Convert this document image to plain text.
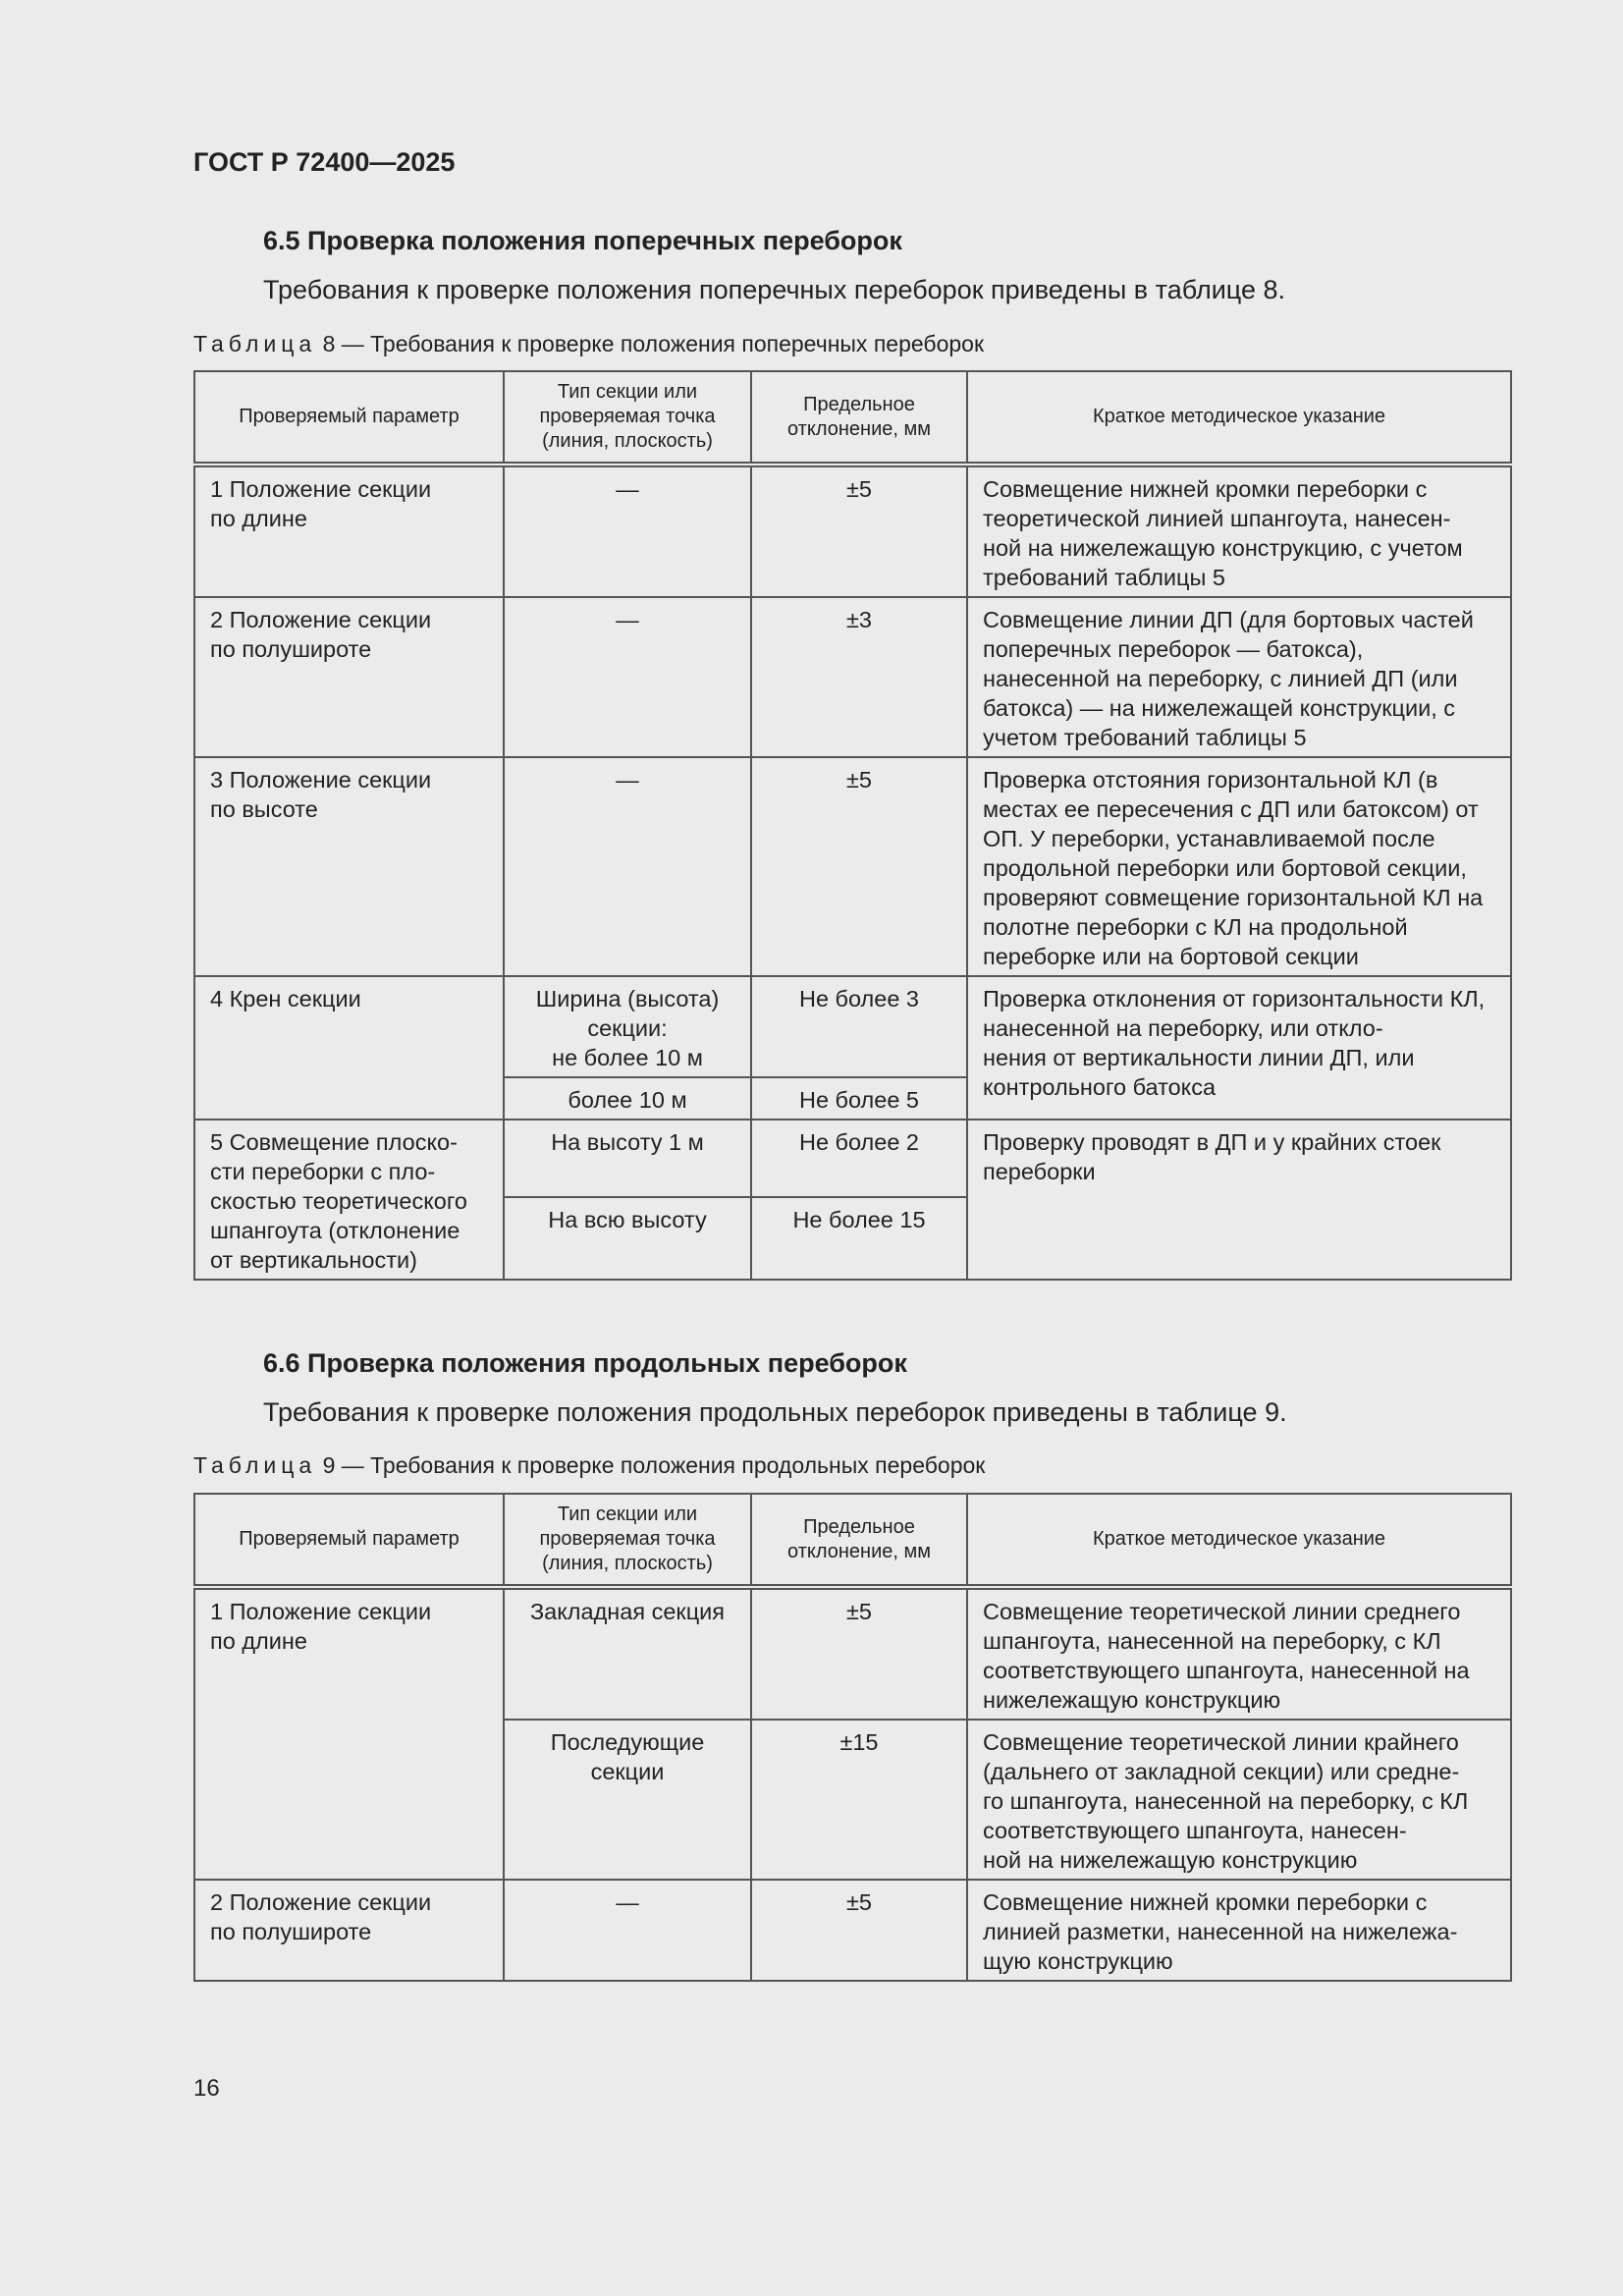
ГОСТ Р 72400—2025
6.5 Проверка положения поперечных переборок
Требования к проверке положения поперечных переборок приведены в таблице 8.
Таблица 8 — Требования к проверке положения поперечных переборок
Проверяемый параметр	Тип секции или
проверяемая точка
(линия, плоскость)	Предельное
отклонение, мм	Краткое методическое указание
1 Положение секции
по длине	—	±5	Совмещение нижней кромки переборки с теоретической линией шпангоута, нанесен-
ной на нижележащую конструкцию, с учетом требований таблицы 5
2 Положение секции
по полушироте	—	±3	Совмещение линии ДП (для бортовых частей поперечных переборок — батокса), нанесенной на переборку, с линией ДП (или батокса) — на нижележащей конструкции, с учетом требований таблицы 5
3 Положение секции
по высоте	—	±5	Проверка отстояния горизонтальной КЛ (в местах ее пересечения с ДП или батоксом) от ОП. У переборки, устанавливаемой после продольной переборки или бортовой секции, проверяют совмещение горизонтальной КЛ на полотне переборки с КЛ на продольной переборке или на бортовой секции
4 Крен секции	Ширина (высота)
секции:
не более 10 м	Не более 3	Проверка отклонения от горизонтальности КЛ, нанесенной на переборку, или откло-
нения от вертикальности линии ДП, или контрольного батокса
	более 10 м	Не более 5	
5 Совмещение плоско-
сти переборки с пло-
скостью теоретического
шпангоута (отклонение
от вертикальности)	На высоту 1 м	Не более 2	Проверку проводят в ДП и у крайних стоек переборки
	На всю высоту	Не более 15	
6.6 Проверка положения продольных переборок
Требования к проверке положения продольных переборок приведены в таблице 9.
Таблица 9 — Требования к проверке положения продольных переборок
Проверяемый параметр	Тип секции или
проверяемая точка
(линия, плоскость)	Предельное
отклонение, мм	Краткое методическое указание
1 Положение секции
по длине	Закладная секция	±5	Совмещение теоретической линии среднего шпангоута, нанесенной на переборку, с КЛ соответствующего шпангоута, нанесенной на нижележащую конструкцию
	Последующие
секции	±15	Совмещение теоретической линии крайнего (дальнего от закладной секции) или средне-
го шпангоута, нанесенной на переборку, с КЛ соответствующего шпангоута, нанесен-
ной на нижележащую конструкцию
2 Положение секции
по полушироте	—	±5	Совмещение нижней кромки переборки с линией разметки, нанесенной на нижележа-
щую конструкцию
16
